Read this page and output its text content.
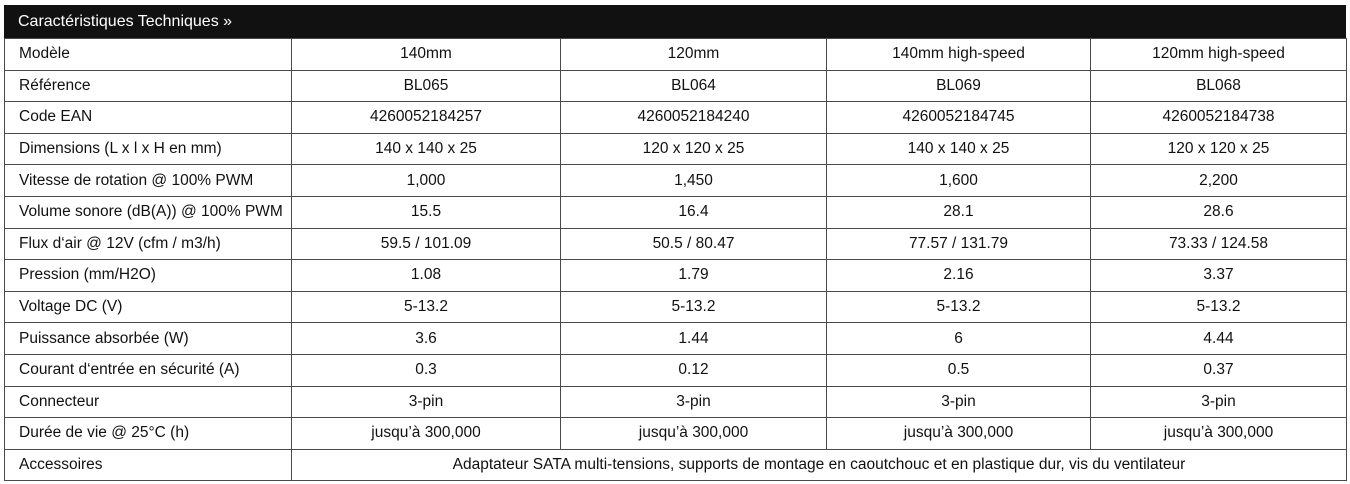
Caractéristiques Techniques »
Modèle	140mm	120mm	140mm high-speed	120mm high-speed
Référence	BL065	BL064	BL069	BL068
Code EAN	4260052184257	4260052184240	4260052184745	4260052184738
Dimensions (L x l x H en mm)	140 x 140 x 25	120 x 120 x 25	140 x 140 x 25	120 x 120 x 25
Vitesse de rotation @ 100% PWM	1,000	1,450	1,600	2,200
Volume sonore (dB(A)) @ 100% PWM	15.5	16.4	28.1	28.6
Flux d‘air @ 12V (cfm / m3/h)	59.5 / 101.09	50.5 / 80.47	77.57 / 131.79	73.33 / 124.58
Pression (mm/H2O)	1.08	1.79	2.16	3.37
Voltage DC (V)	5-13.2	5-13.2	5-13.2	5-13.2
Puissance absorbée (W)	3.6	1.44	6	4.44
Courant d‘entrée en sécurité (A)	0.3	0.12	0.5	0.37
Connecteur	3-pin	3-pin	3-pin	3-pin
Durée de vie @ 25°C (h)	jusqu’à 300,000	jusqu’à 300,000	jusqu’à 300,000	jusqu’à 300,000
Accessoires	Adaptateur SATA multi-tensions, supports de montage en caoutchouc et en plastique dur, vis du ventilateur			
